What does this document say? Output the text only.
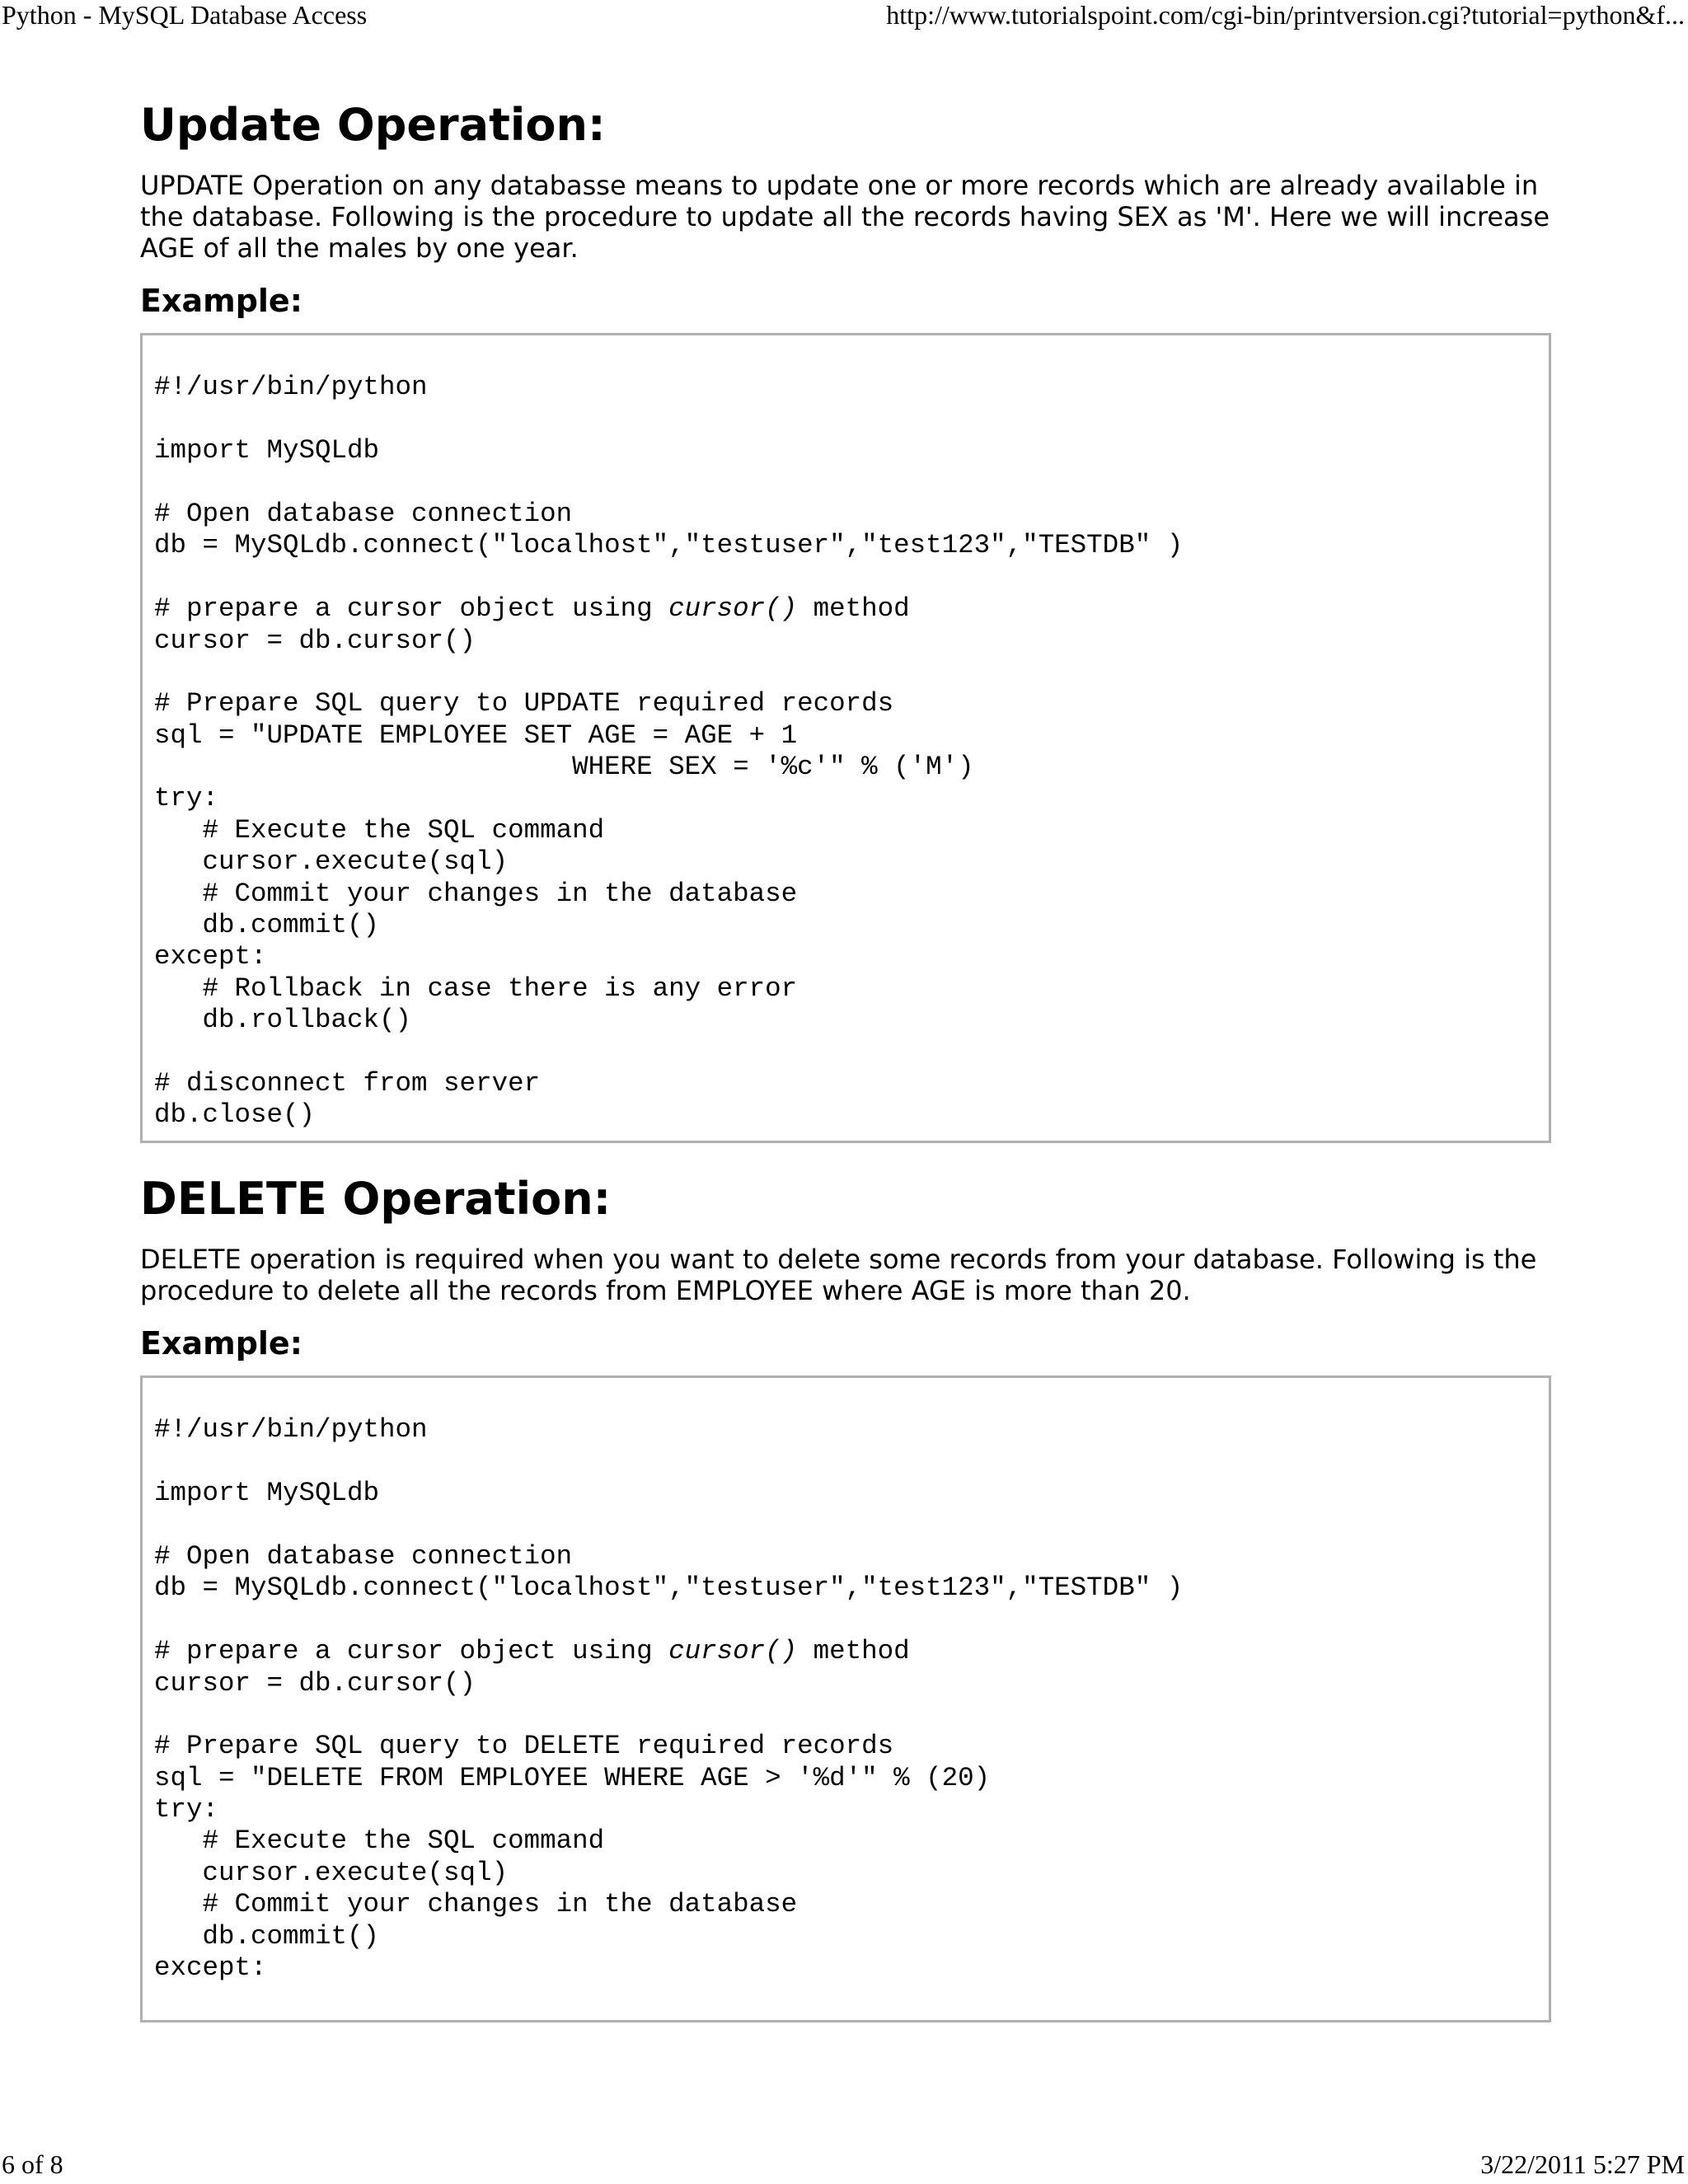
Python - MySQL Database Access	http://www.tutorialspoint.com/cgi-bin/printversion.cgi?tutorial=python&f...
Update Operation:

UPDATE Operation on any databasse means to update one or more records which are already available in the database. Following is the procedure to update all the records having SEX as 'M'. Here we will increase AGE of all the males by one year.

Example:
#!/usr/bin/python
import MySQLdb
# Open database connection
db = MySQLdb.connect("localhost","testuser","test123","TESTDB" )
# prepare a cursor object using cursor() method
cursor = db.cursor()
# Prepare SQL query to UPDATE required records
sql = "UPDATE EMPLOYEE SET AGE = AGE + 1
WHERE SEX = '%c'" % ('M')
try:
# Execute the SQL command
cursor.execute(sql)
# Commit your changes in the database
db.commit()
except:
# Rollback in case there is any error
db.rollback()
# disconnect from server
db.close()
DELETE Operation:

DELETE operation is required when you want to delete some records from your database. Following is the procedure to delete all the records from EMPLOYEE where AGE is more than 20.

Example:
#!/usr/bin/python
import MySQLdb
# Open database connection
db = MySQLdb.connect("localhost","testuser","test123","TESTDB" )
# prepare a cursor object using cursor() method
cursor = db.cursor()
# Prepare SQL query to DELETE required records
sql = "DELETE FROM EMPLOYEE WHERE AGE > '%d'" % (20)
try:
# Execute the SQL command
cursor.execute(sql)
# Commit your changes in the database
db.commit()
except:
6 of 8	3/22/2011 5:27 PM
